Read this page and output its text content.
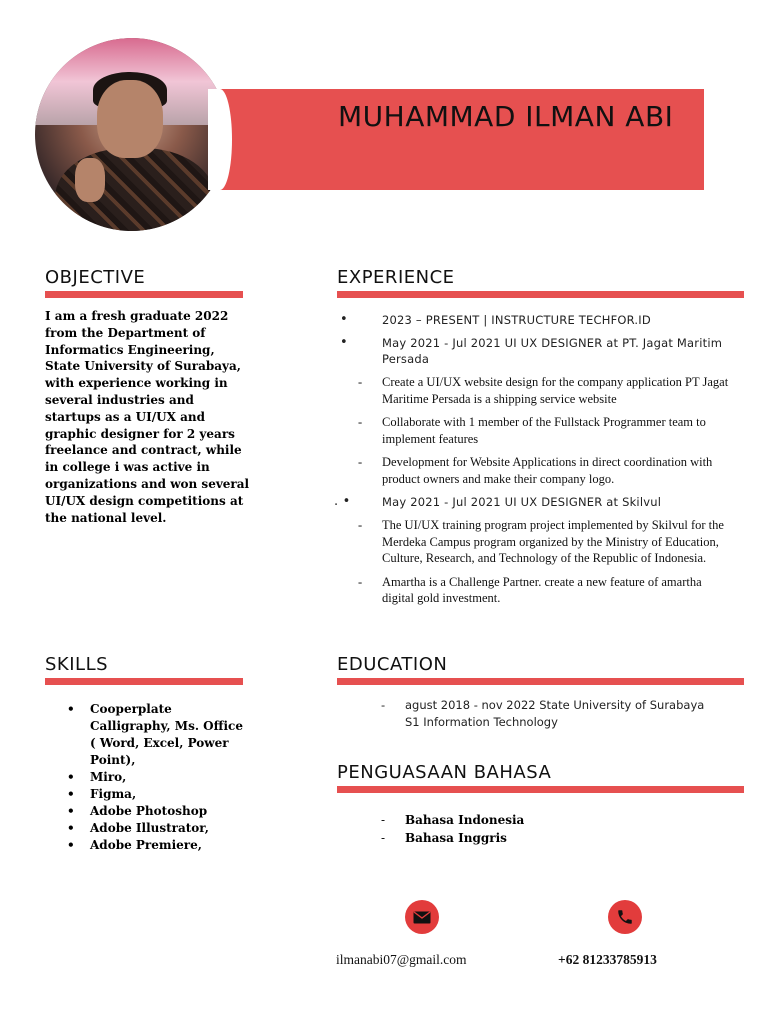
MUHAMMAD ILMAN ABI
OBJECTIVE
I am a fresh graduate 2022 from the Department of Informatics Engineering, State University of Surabaya, with experience working in several industries and startups as a UI/UX and graphic designer for 2 years freelance and contract, while in college i was active in organizations and won several UI/UX design competitions at the national level.
EXPERIENCE
•	2023 – PRESENT | INSTRUCTURE TECHFOR.ID
•	May 2021 - Jul 2021 UI UX DESIGNER at PT. Jagat Maritim Persada
- Create a UI/UX website design for the company application PT Jagat Maritime Persada is a shipping service website
- Collaborate with 1 member of the Fullstack Programmer team to implement features
- Development for Website Applications in direct coordination with product owners and make their company logo.
. •	May 2021 - Jul 2021 UI UX DESIGNER at Skilvul
- The UI/UX training program project implemented by Skilvul for the Merdeka Campus program organized by the Ministry of Education, Culture, Research, and Technology of the Republic of Indonesia.
- Amartha is a Challenge Partner. create a new feature of amartha digital gold investment.
SKILLS
• Cooperplate Calligraphy, Ms. Office ( Word, Excel, Power Point),
• Miro,
• Figma,
• Adobe Photoshop
• Adobe Illustrator,
• Adobe Premiere,
EDUCATION
-	agust 2018 - nov 2022 State University of Surabaya
S1 Information Technology
PENGUASAAN BAHASA
- Bahasa Indonesia
- Bahasa Inggris
ilmanabi07@gmail.com	+62 81233785913
